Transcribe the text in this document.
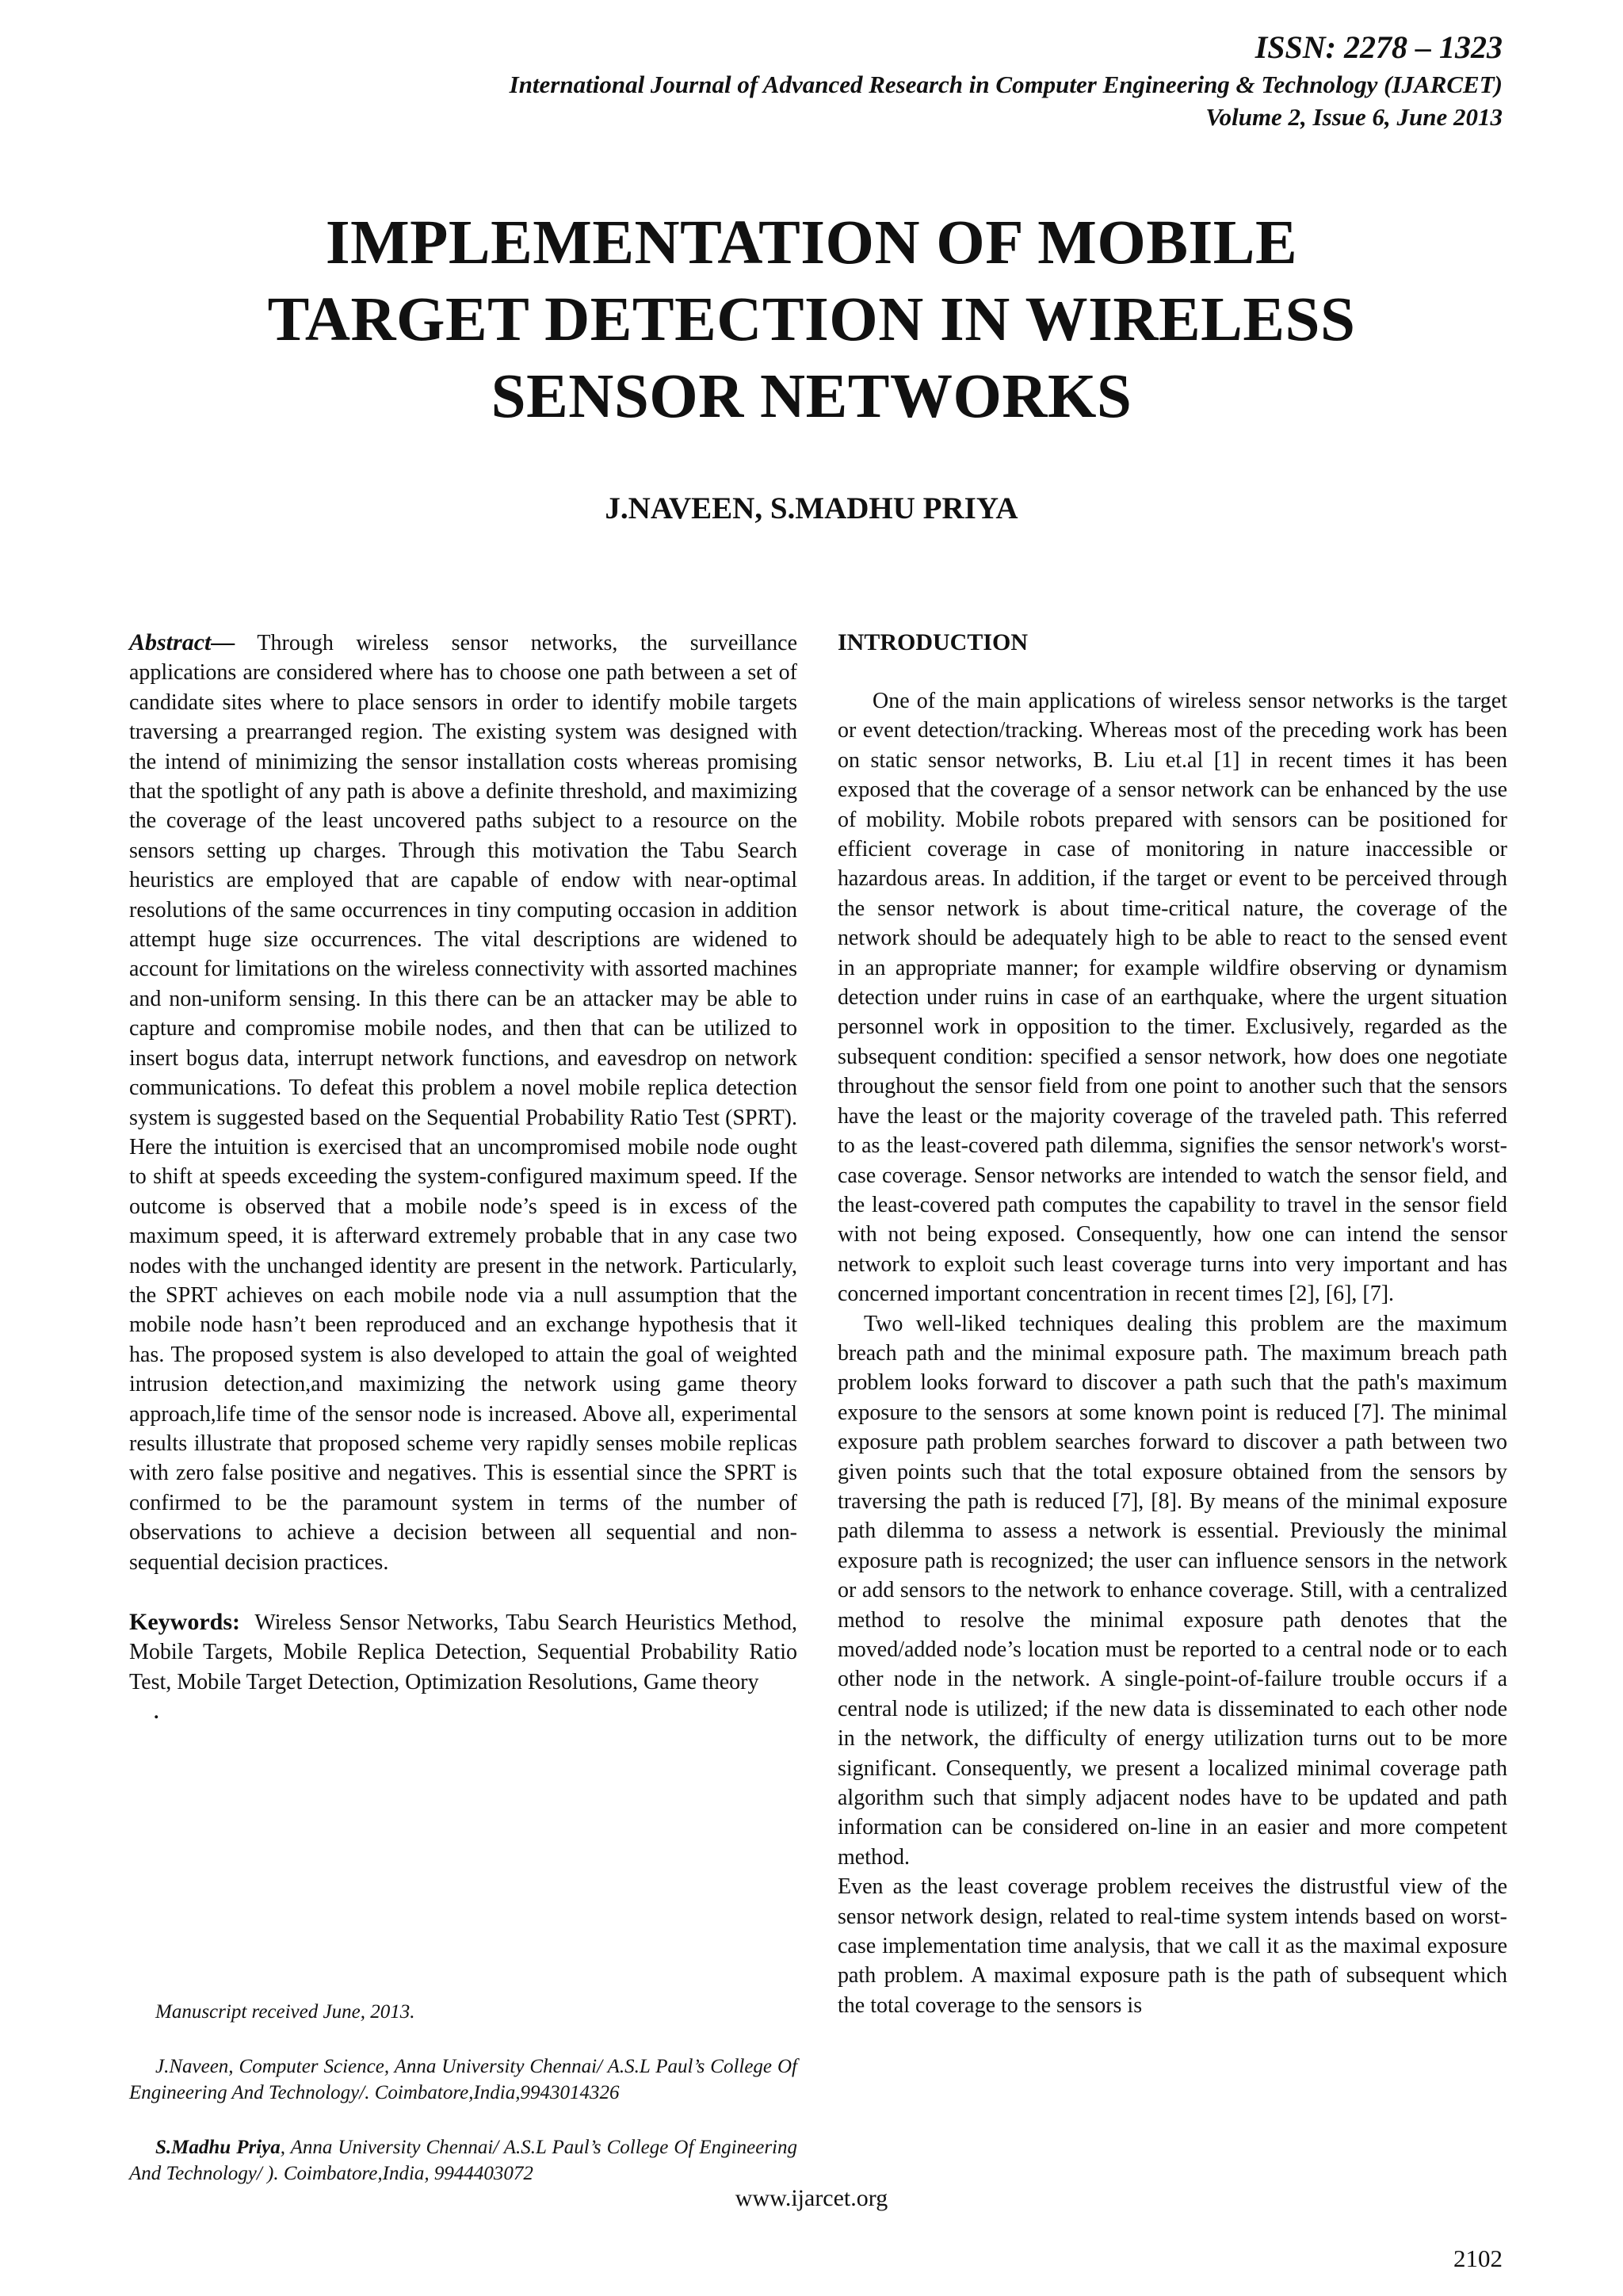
ISSN: 2278 – 1323
International Journal of Advanced Research in Computer Engineering & Technology (IJARCET)
Volume 2, Issue 6, June 2013
IMPLEMENTATION OF MOBILE
TARGET DETECTION IN WIRELESS
SENSOR NETWORKS
J.NAVEEN, S.MADHU PRIYA

Abstract— Through wireless sensor networks, the surveillance applications are considered where has to choose one path between a set of candidate sites where to place sensors in order to identify mobile targets traversing a prearranged region. The existing system was designed with the intend of minimizing the sensor installation costs whereas promising that the spotlight of any path is above a definite threshold, and maximizing the coverage of the least uncovered paths subject to a resource on the sensors setting up charges. Through this motivation the Tabu Search heuristics are employed that are capable of endow with near-optimal resolutions of the same occurrences in tiny computing occasion in addition attempt huge size occurrences. The vital descriptions are widened to account for limitations on the wireless connectivity with assorted machines and non-uniform sensing. In this there can be an attacker may be able to capture and compromise mobile nodes, and then that can be utilized to insert bogus data, interrupt network functions, and eavesdrop on network communications. To defeat this problem a novel mobile replica detection system is suggested based on the Sequential Probability Ratio Test (SPRT). Here the intuition is exercised that an uncompromised mobile node ought to shift at speeds exceeding the system-configured maximum speed. If the outcome is observed that a mobile node’s speed is in excess of the maximum speed, it is afterward extremely probable that in any case two nodes with the unchanged identity are present in the network. Particularly, the SPRT achieves on each mobile node via a null assumption that the mobile node hasn’t been reproduced and an exchange hypothesis that it has. The proposed system is also developed to attain the goal of weighted intrusion detection,and maximizing the network using game theory approach,life time of the sensor node is increased. Above all, experimental results illustrate that proposed scheme very rapidly senses mobile replicas with zero false positive and negatives. This is essential since the SPRT is confirmed to be the paramount system in terms of the number of observations to achieve a decision between all sequential and non-sequential decision practices.

Keywords: Wireless Sensor Networks, Tabu Search Heuristics Method, Mobile Targets, Mobile Replica Detection, Sequential Probability Ratio Test, Mobile Target Detection, Optimization Resolutions, Game theory

.

Manuscript received June, 2013.

J.Naveen, Computer Science, Anna University Chennai/ A.S.L Paul’s College Of Engineering And Technology/. Coimbatore,India,9943014326

S.Madhu Priya, Anna University Chennai/ A.S.L Paul’s College Of Engineering And Technology/ ). Coimbatore,India, 9944403072

INTRODUCTION

One of the main applications of wireless sensor networks is the target or event detection/tracking. Whereas most of the preceding work has been on static sensor networks, B. Liu et.al [1] in recent times it has been exposed that the coverage of a sensor network can be enhanced by the use of mobility. Mobile robots prepared with sensors can be positioned for efficient coverage in case of monitoring in nature inaccessible or hazardous areas. In addition, if the target or event to be perceived through the sensor network is about time-critical nature, the coverage of the network should be adequately high to be able to react to the sensed event in an appropriate manner; for example wildfire observing or dynamism detection under ruins in case of an earthquake, where the urgent situation personnel work in opposition to the timer. Exclusively, regarded as the subsequent condition: specified a sensor network, how does one negotiate throughout the sensor field from one point to another such that the sensors have the least or the majority coverage of the traveled path. This referred to as the least-covered path dilemma, signifies the sensor network's worst-case coverage. Sensor networks are intended to watch the sensor field, and the least-covered path computes the capability to travel in the sensor field with not being exposed. Consequently, how one can intend the sensor network to exploit such least coverage turns into very important and has concerned important concentration in recent times [2], [6], [7].

Two well-liked techniques dealing this problem are the maximum breach path and the minimal exposure path. The maximum breach path problem looks forward to discover a path such that the path's maximum exposure to the sensors at some known point is reduced [7]. The minimal exposure path problem searches forward to discover a path between two given points such that the total exposure obtained from the sensors by traversing the path is reduced [7], [8]. By means of the minimal exposure path dilemma to assess a network is essential. Previously the minimal exposure path is recognized; the user can influence sensors in the network or add sensors to the network to enhance coverage. Still, with a centralized method to resolve the minimal exposure path denotes that the moved/added node’s location must be reported to a central node or to each other node in the network. A single-point-of-failure trouble occurs if a central node is utilized; if the new data is disseminated to each other node in the network, the difficulty of energy utilization turns out to be more significant. Consequently, we present a localized minimal coverage path algorithm such that simply adjacent nodes have to be updated and path information can be considered on-line in an easier and more competent method.

Even as the least coverage problem receives the distrustful view of the sensor network design, related to real-time system intends based on worst-case implementation time analysis, that we call it as the maximal exposure path problem. A maximal exposure path is the path of subsequent which the total coverage to the sensors is

www.ijarcet.org
2102
